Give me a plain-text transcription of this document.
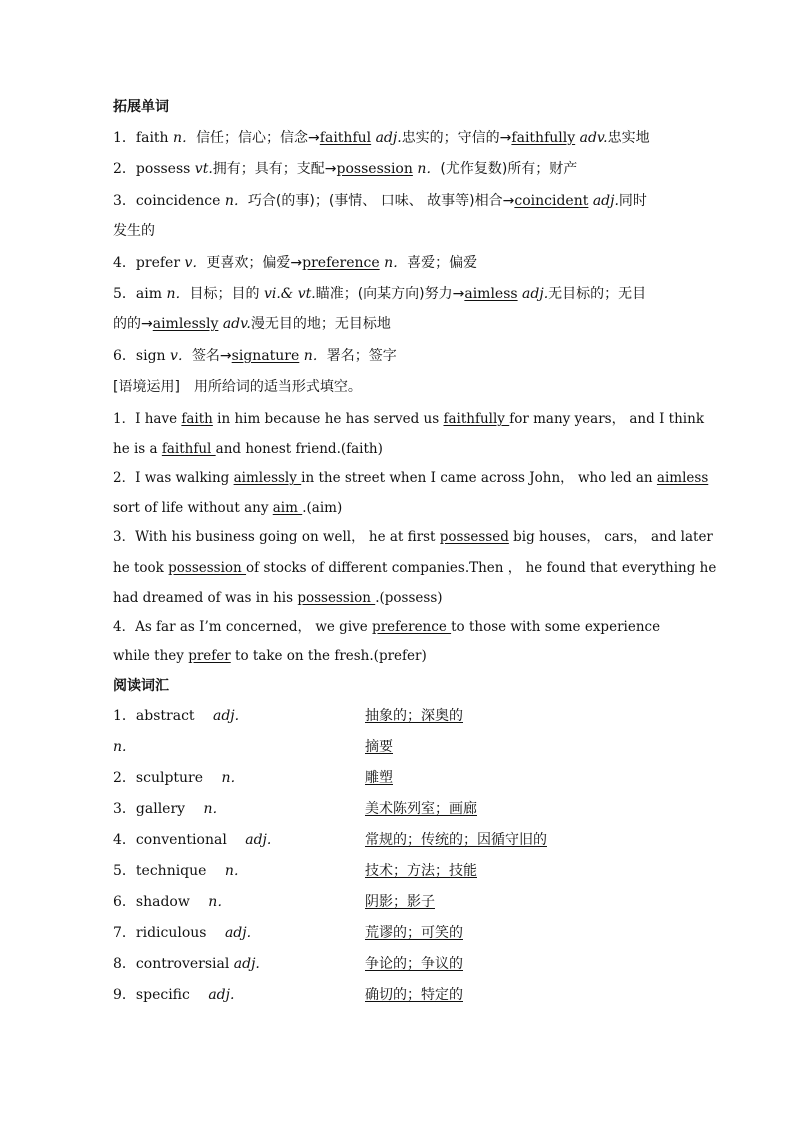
拓展单词
1．faith n．信任；信心；信念→faithful adj.忠实的；守信的→faithfully adv.忠实地
2．possess vt.拥有；具有；支配→possession n．(尤作复数)所有；财产
3．coincidence n．巧合(的事)；(事情、 口味、 故事等)相合→coincident adj.同时
发生的
4．prefer v．更喜欢；偏爱→preference n．喜爱；偏爱
5．aim n．目标；目的 vi.& vt.瞄准；(向某方向)努力→aimless adj.无目标的；无目
的的→aimlessly adv.漫无目的地；无目标地
6．sign v．签名→signature n．署名；签字
[语境运用]　 用所给词的适当形式填空。
1．I have faith in him because he has served us faithfully for many years， and I think
he is a faithful and honest friend.(faith)
2．I was walking aimlessly in the street when I came across John， who led an aimless
sort of life without any aim .(aim)
3．With his business going on well， he at first possessed big houses， cars， and later
he took possession of stocks of different companies.Then ， he found that everything he
had dreamed of was in his possession .(possess)
4．As far as I’m concerned， we give preference to those with some experience
while they prefer to take on the fresh.(prefer)
阅读词汇
1．abstract　 adj.	抽象的；深奥的
n.	摘要
2．sculpture　 n．	雕塑
3．gallery　 n．	美术陈列室；画廊
4．conventional　 adj.	常规的；传统的；因循守旧的
5．technique　 n．	技术；方法；技能
6．shadow　 n．	阴影；影子
7．ridiculous　 adj.	荒谬的；可笑的
8．controversial adj.	争论的；争议的
9．specific　 adj.	确切的；特定的
